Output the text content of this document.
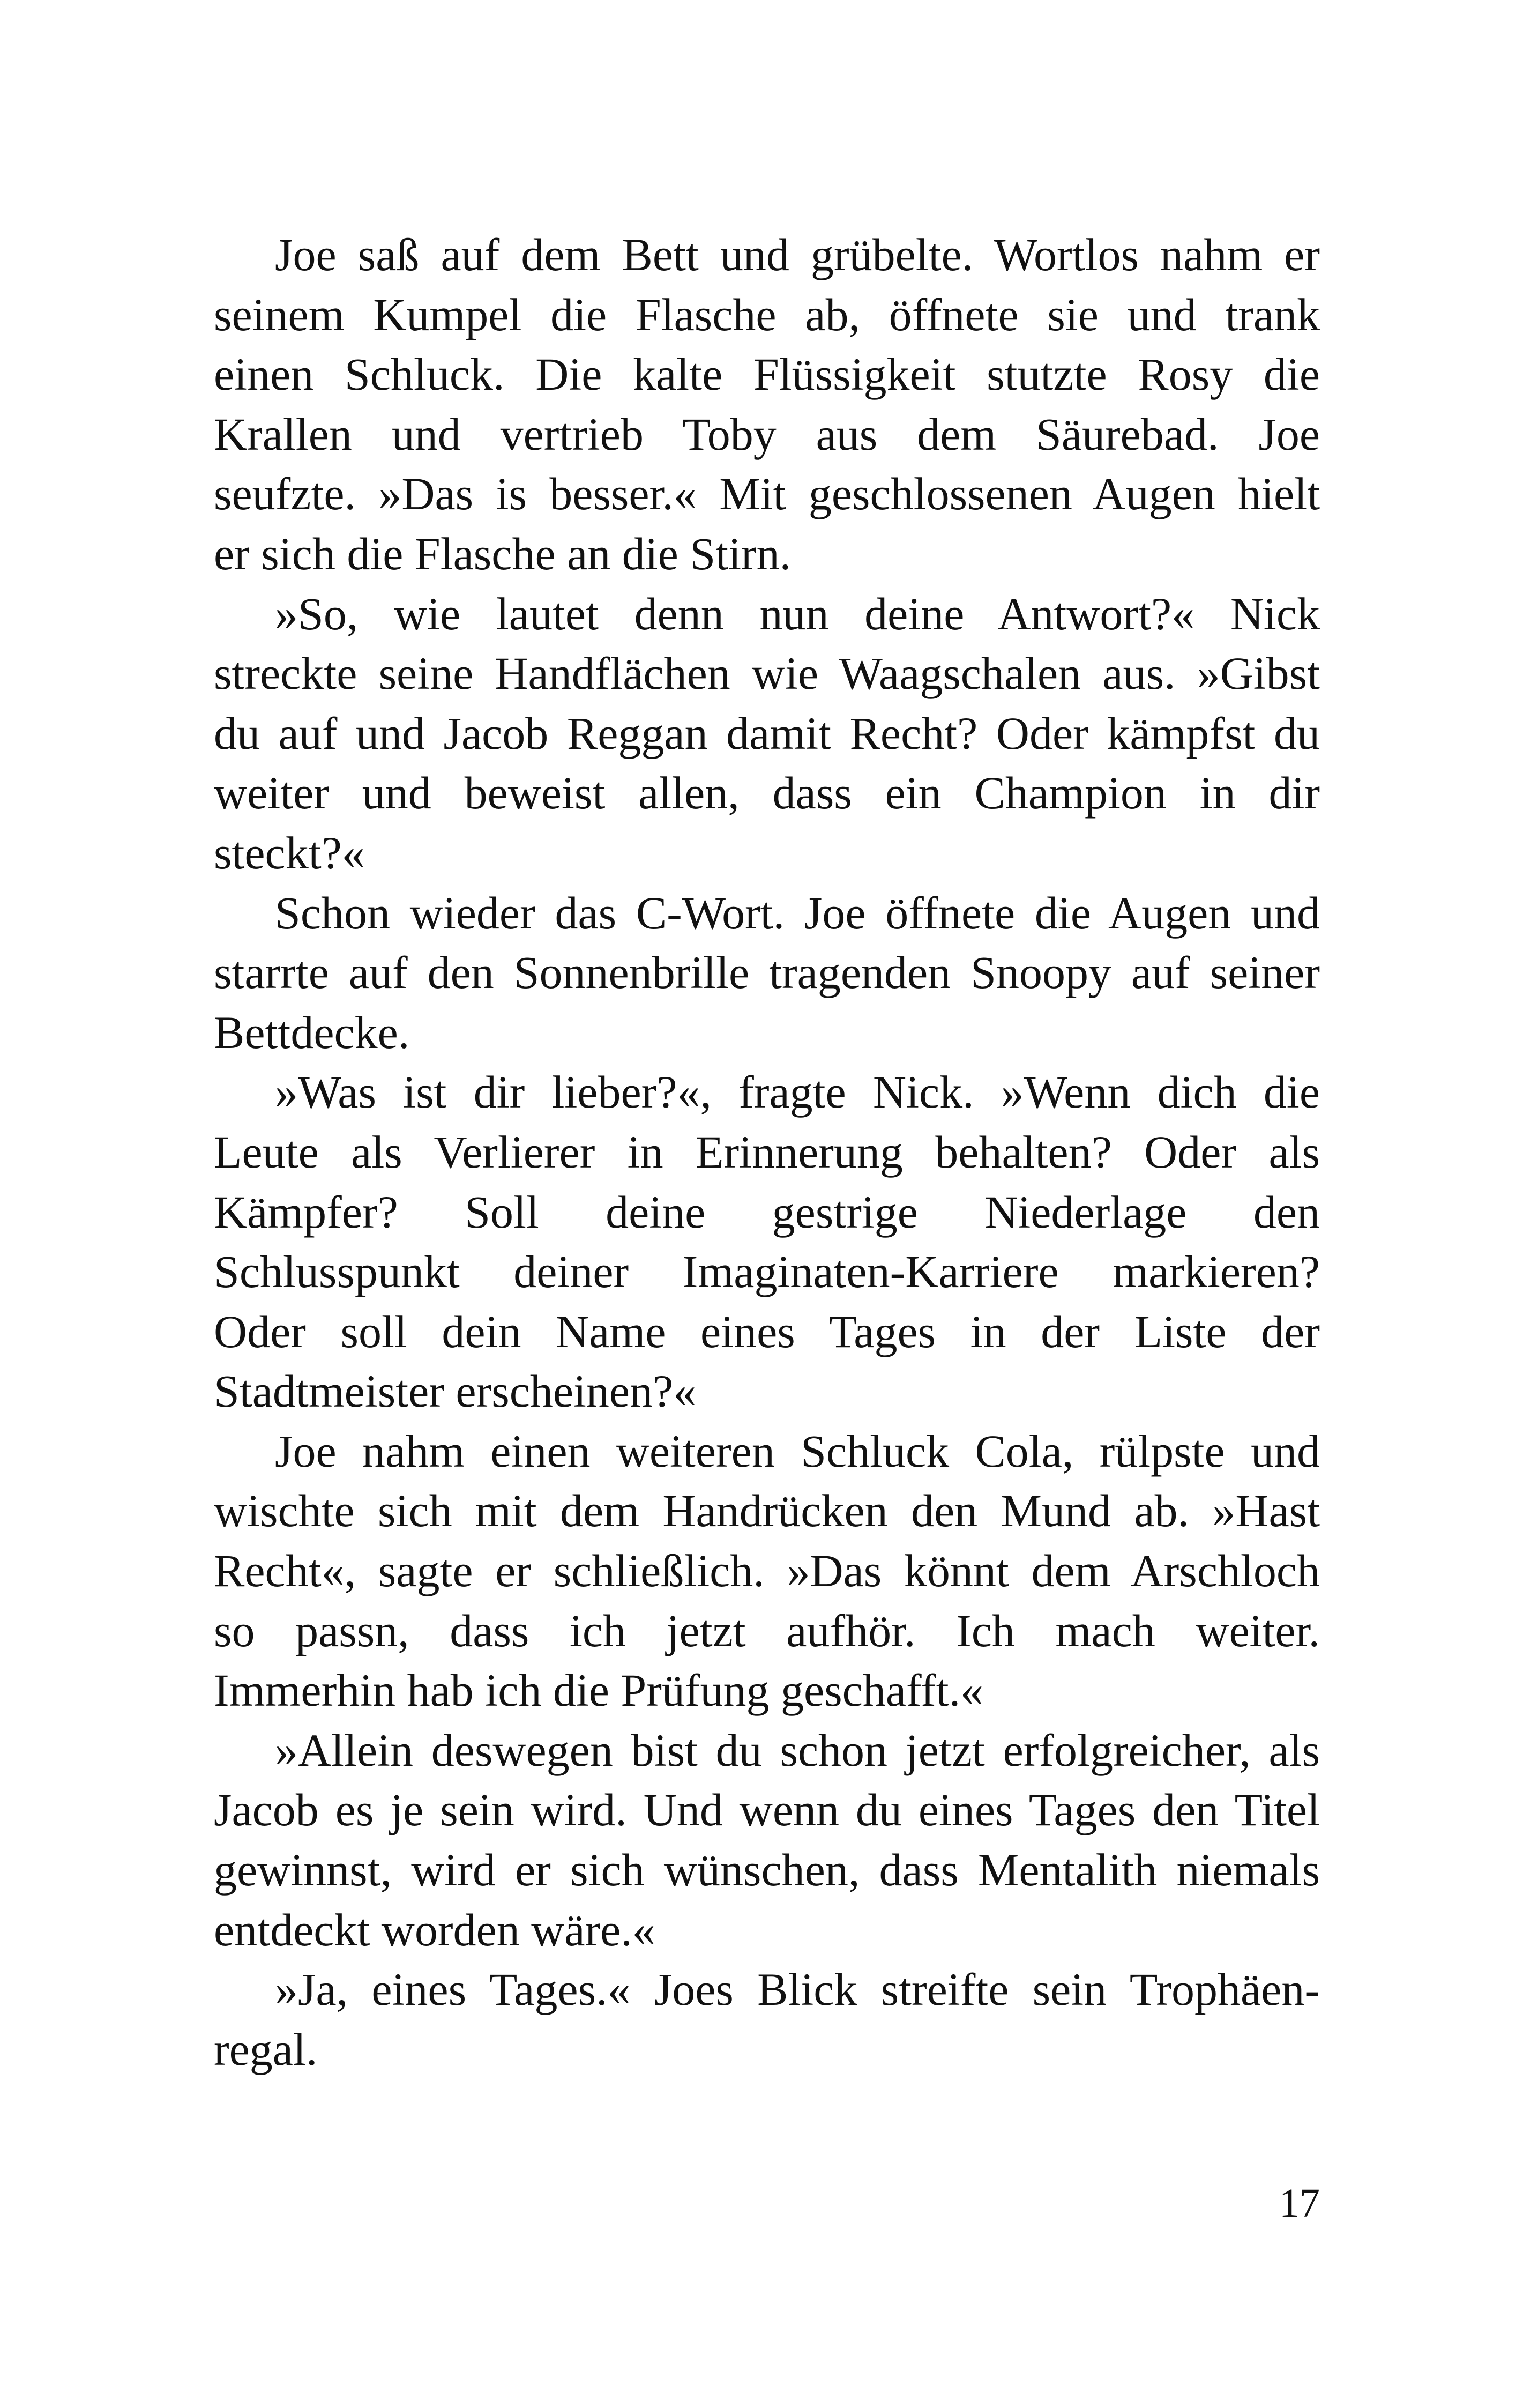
Joe saß auf dem Bett und grübelte. Wortlos nahm er
seinem Kumpel die Flasche ab, öffnete sie und trank
einen Schluck. Die kalte Flüssigkeit stutzte Rosy die
Krallen und vertrieb Toby aus dem Säurebad. Joe
seufzte. »Das is besser.« Mit geschlossenen Augen hielt
er sich die Flasche an die Stirn.
»So, wie lautet denn nun deine Antwort?« Nick
streckte seine Handflächen wie Waagschalen aus. »Gibst
du auf und Jacob Reggan damit Recht? Oder kämpfst du
weiter und beweist allen, dass ein Champion in dir
steckt?«
Schon wieder das C-Wort. Joe öffnete die Augen und
starrte auf den Sonnenbrille tragenden Snoopy auf seiner
Bettdecke.
»Was ist dir lieber?«, fragte Nick. »Wenn dich die
Leute als Verlierer in Erinnerung behalten? Oder als
Kämpfer? Soll deine gestrige Niederlage den
Schlusspunkt deiner Imaginaten-Karriere markieren?
Oder soll dein Name eines Tages in der Liste der
Stadtmeister erscheinen?«
Joe nahm einen weiteren Schluck Cola, rülpste und
wischte sich mit dem Handrücken den Mund ab. »Hast
Recht«, sagte er schließlich. »Das könnt dem Arschloch
so passn, dass ich jetzt aufhör. Ich mach weiter.
Immerhin hab ich die Prüfung geschafft.«
»Allein deswegen bist du schon jetzt erfolgreicher, als
Jacob es je sein wird. Und wenn du eines Tages den Titel
gewinnst, wird er sich wünschen, dass Mentalith niemals
entdeckt worden wäre.«
»Ja, eines Tages.« Joes Blick streifte sein Trophäen-
regal.
17
